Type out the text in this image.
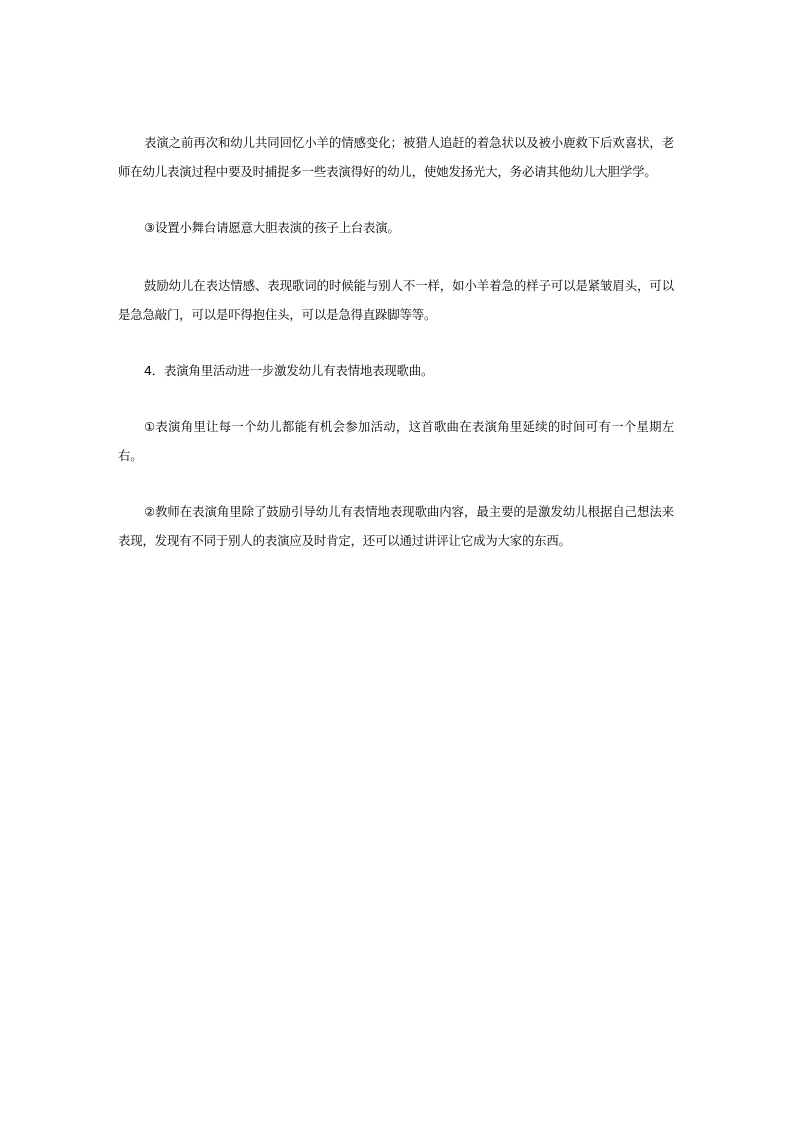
表演之前再次和幼儿共同回忆小羊的情感变化；被猎人追赶的着急状以及被小鹿救下后欢喜状，老师在幼儿表演过程中要及时捕捉多一些表演得好的幼儿，使她发扬光大，务必请其他幼儿大胆学学。

③设置小舞台请愿意大胆表演的孩子上台表演。

鼓励幼儿在表达情感、表现歌词的时候能与别人不一样，如小羊着急的样子可以是紧皱眉头，可以是急急敲门，可以是吓得抱住头，可以是急得直跺脚等等。

4．表演角里活动进一步激发幼儿有表情地表现歌曲。

①表演角里让每一个幼儿都能有机会参加活动，这首歌曲在表演角里延续的时间可有一个星期左右。

②教师在表演角里除了鼓励引导幼儿有表情地表现歌曲内容，最主要的是激发幼儿根据自己想法来表现，发现有不同于别人的表演应及时肯定，还可以通过讲评让它成为大家的东西。
